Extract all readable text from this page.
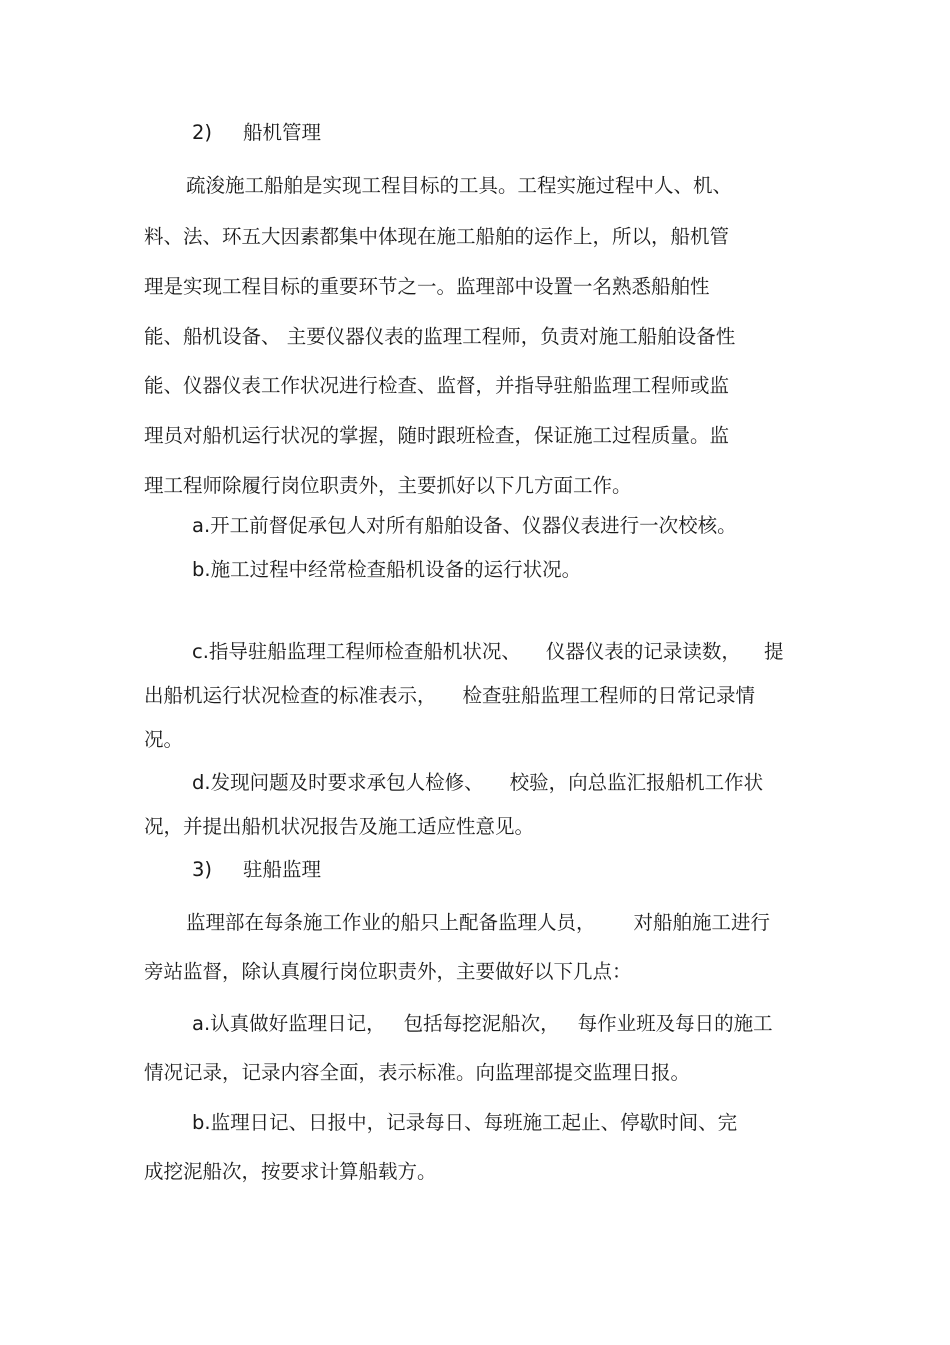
2) 船机管理

疏浚施工船舶是实现工程目标的工具。工程实施过程中人、机、

料、法、环五大因素都集中体现在施工船舶的运作上，所以，船机管

理是实现工程目标的重要环节之一。监理部中设置一名熟悉船舶性

能、船机设备、 主要仪器仪表的监理工程师，负责对施工船舶设备性

能、仪器仪表工作状况进行检查、监督，并指导驻船监理工程师或监

理员对船机运行状况的掌握，随时跟班检查，保证施工过程质量。监

理工程师除履行岗位职责外，主要抓好以下几方面工作。

a.开工前督促承包人对所有船舶设备、仪器仪表进行一次校核。

b.施工过程中经常检查船机设备的运行状况。

c.指导驻船监理工程师检查船机状况、 仪器仪表的记录读数， 提
出船机运行状况检查的标准表示， 检查驻船监理工程师的日常记录情

况。

d.发现问题及时要求承包人检修、 校验，向总监汇报船机工作状

况，并提出船机状况报告及施工适应性意见。

3) 驻船监理
监理部在每条施工作业的船只上配备监理人员， 对船舶施工进行

旁站监督，除认真履行岗位职责外，主要做好以下几点：

a.认真做好监理日记， 包括每挖泥船次， 每作业班及每日的施工

情况记录，记录内容全面，表示标准。向监理部提交监理日报。

b.监理日记、日报中，记录每日、每班施工起止、停歇时间、完

成挖泥船次，按要求计算船载方。
